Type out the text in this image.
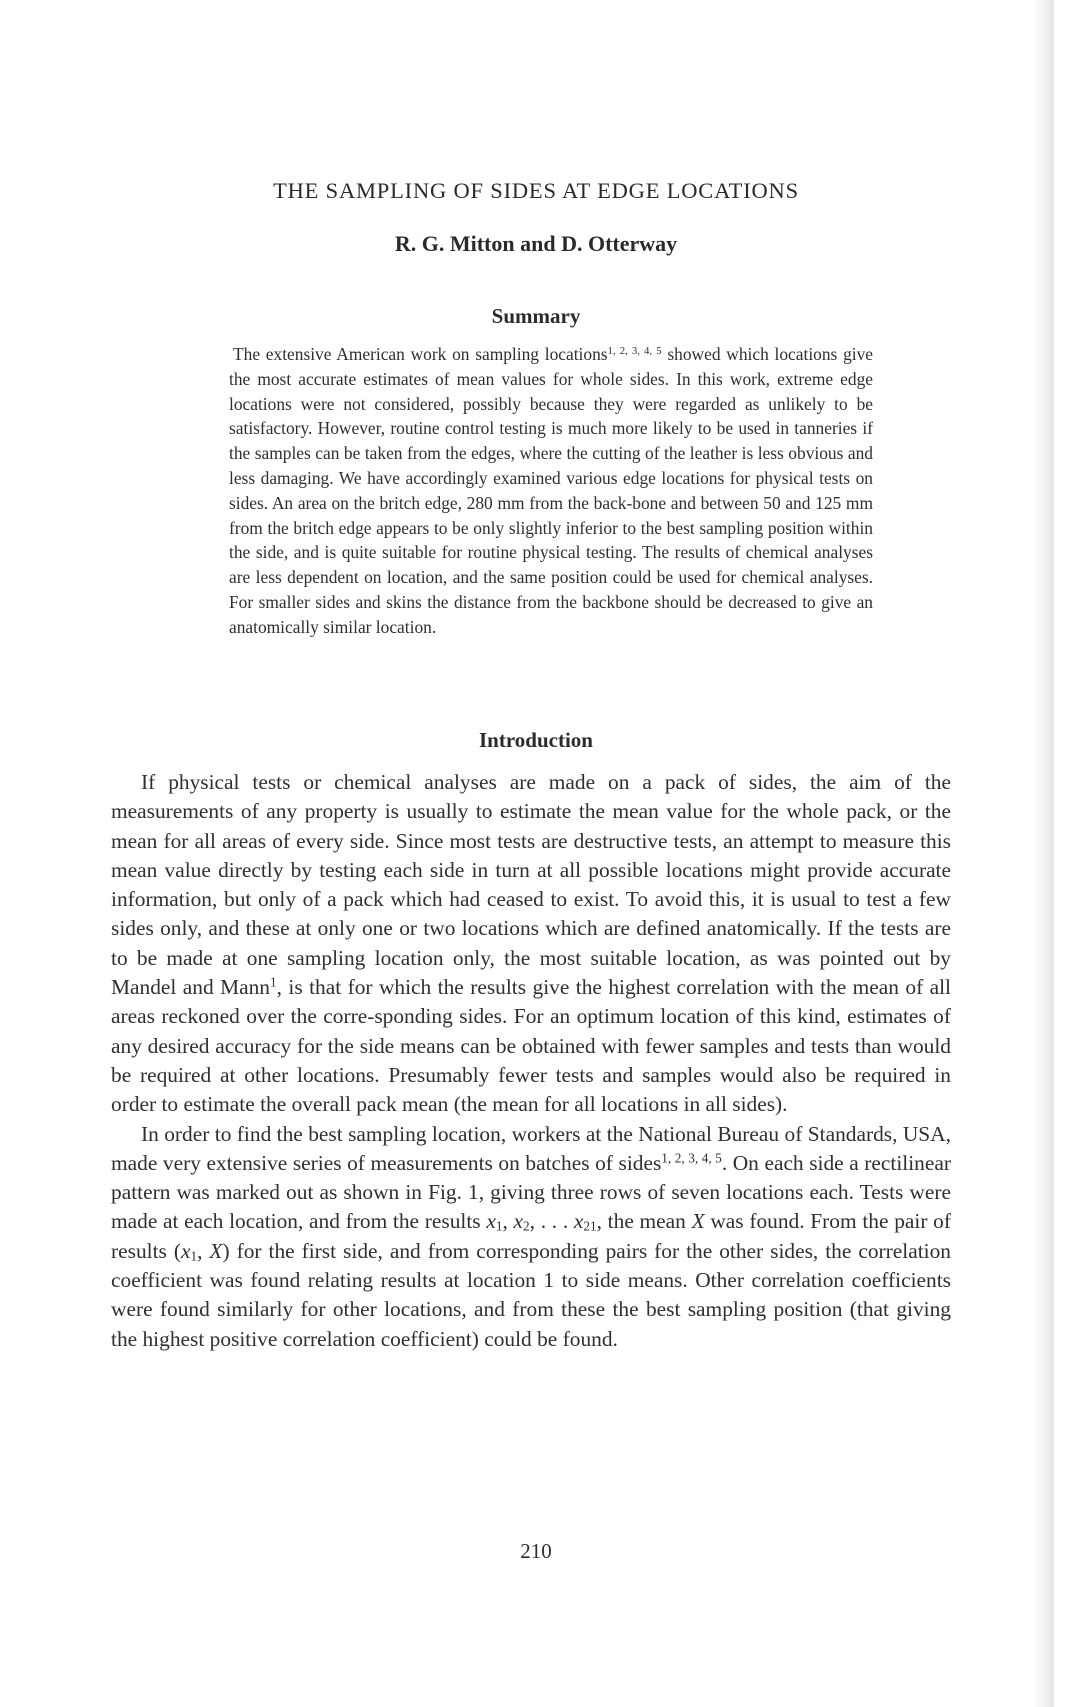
THE SAMPLING OF SIDES AT EDGE LOCATIONS
R. G. Mitton and D. Otterway
Summary
The extensive American work on sampling locations$^{1, 2, 3, 4, 5}$ showed which locations give the most accurate estimates of mean values for whole sides. In this work, extreme edge locations were not considered, possibly because they were regarded as unlikely to be satisfactory. However, routine control testing is much more likely to be used in tanneries if the samples can be taken from the edges, where the cutting of the leather is less obvious and less damaging. We have accordingly examined various edge locations for physical tests on sides. An area on the britch edge, 280 mm from the back-bone and between 50 and 125 mm from the britch edge appears to be only slightly inferior to the best sampling position within the side, and is quite suitable for routine physical testing. The results of chemical analyses are less dependent on location, and the same position could be used for chemical analyses. For smaller sides and skins the distance from the backbone should be decreased to give an anatomically similar location.
Introduction

If physical tests or chemical analyses are made on a pack of sides, the aim of the measurements of any property is usually to estimate the mean value for the whole pack, or the mean for all areas of every side. Since most tests are destructive tests, an attempt to measure this mean value directly by testing each side in turn at all possible locations might provide accurate information, but only of a pack which had ceased to exist. To avoid this, it is usual to test a few sides only, and these at only one or two locations which are defined anatomically. If the tests are to be made at one sampling location only, the most suitable location, as was pointed out by Mandel and Mann$^1$, is that for which the results give the highest correlation with the mean of all areas reckoned over the corre-sponding sides. For an optimum location of this kind, estimates of any desired accuracy for the side means can be obtained with fewer samples and tests than would be required at other locations. Presumably fewer tests and samples would also be required in order to estimate the overall pack mean (the mean for all locations in all sides).

In order to find the best sampling location, workers at the National Bureau of Standards, USA, made very extensive series of measurements on batches of sides$^{1, 2, 3, 4, 5}$. On each side a rectilinear pattern was marked out as shown in Fig. 1, giving three rows of seven locations each. Tests were made at each location, and from the results $x_1$, $x_2$, . . . $x_{21}$, the mean X was found. From the pair of results ($x_1$, X) for the first side, and from corresponding pairs for the other sides, the correlation coefficient was found relating results at location 1 to side means. Other correlation coefficients were found similarly for other locations, and from these the best sampling position (that giving the highest positive correlation coefficient) could be found.

210
